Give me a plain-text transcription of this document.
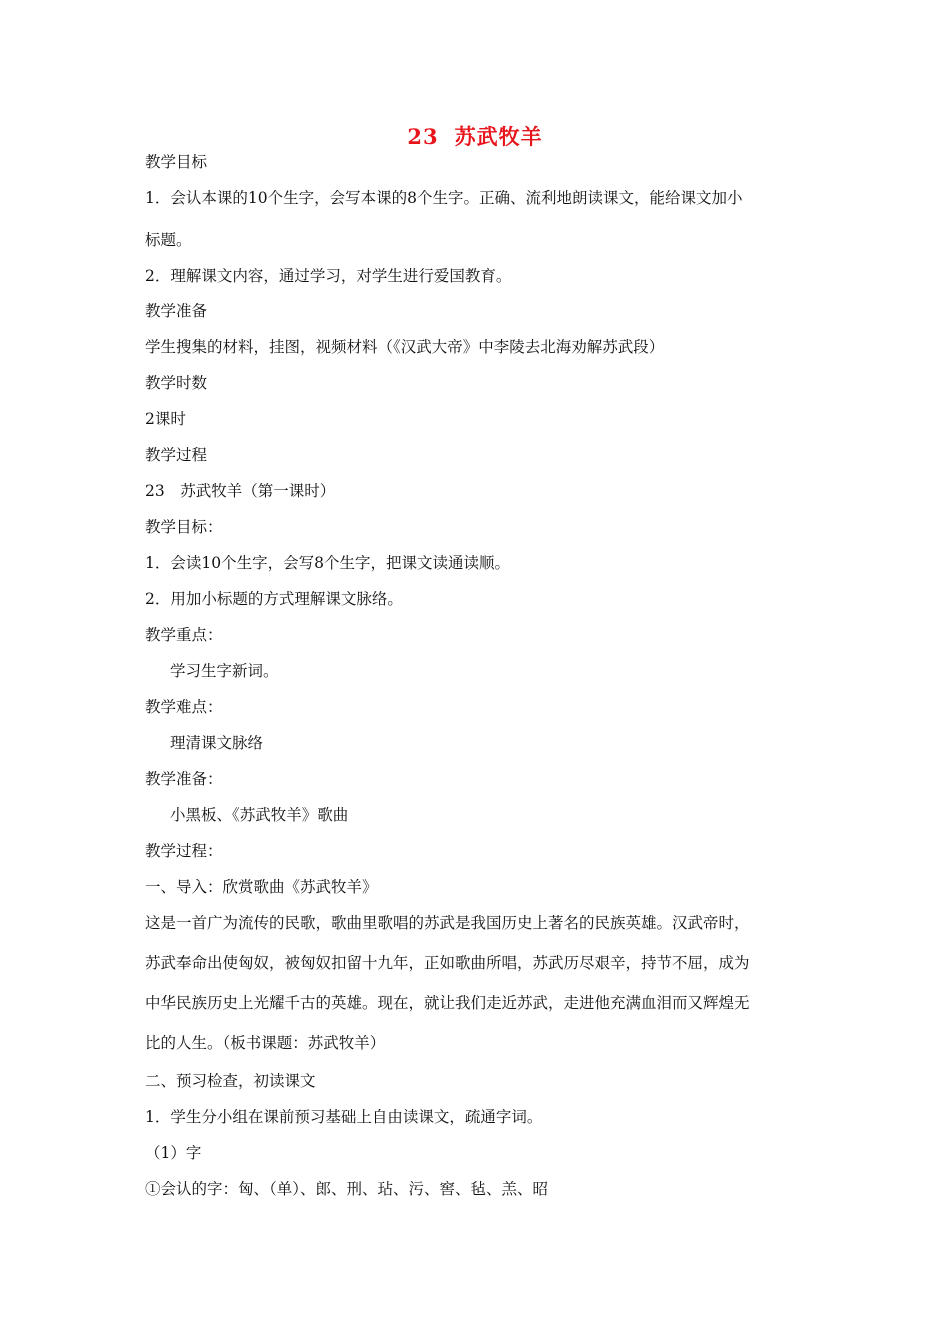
23 苏武牧羊
教学目标
1．会认本课的10个生字，会写本课的8个生字。正确、流利地朗读课文，能给课文加小
标题。
2．理解课文内容，通过学习，对学生进行爱国教育。
教学准备
学生搜集的材料，挂图，视频材料（《汉武大帝》中李陵去北海劝解苏武段）
教学时数
2课时
教学过程
23　苏武牧羊（第一课时）
教学目标：
1．会读10个生字，会写8个生字，把课文读通读顺。
2．用加小标题的方式理解课文脉络。
教学重点：
学习生字新词。
教学难点：
理清课文脉络
教学准备：
小黑板、《苏武牧羊》歌曲
教学过程：
一、导入：欣赏歌曲《苏武牧羊》
这是一首广为流传的民歌，歌曲里歌唱的苏武是我国历史上著名的民族英雄。汉武帝时，
苏武奉命出使匈奴，被匈奴扣留十九年，正如歌曲所唱，苏武历尽艰辛，持节不屈，成为
中华民族历史上光耀千古的英雄。现在，就让我们走近苏武，走进他充满血泪而又辉煌无
比的人生。（板书课题：苏武牧羊）
二、预习检查，初读课文
1．学生分小组在课前预习基础上自由读课文，疏通字词。
（1）字
①会认的字：匈、（单）、郎、刑、玷、污、窖、毡、羔、昭
